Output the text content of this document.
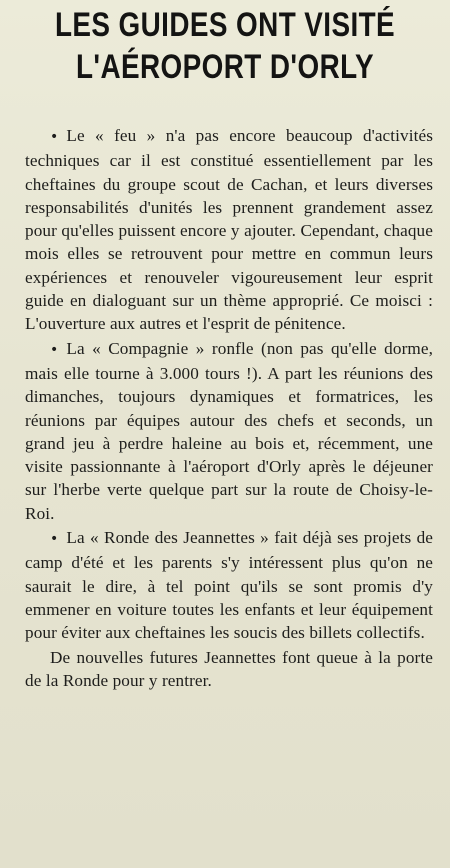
LES GUIDES ONT VISITÉ
L'AÉROPORT D'ORLY

• Le « feu » n'a pas encore beaucoup d'activités techniques car il est constitué essentiellement par les cheftaines du groupe scout de Cachan, et leurs diverses responsabilités d'unités les prennent grandement assez pour qu'elles puissent encore y ajouter. Cependant, chaque mois elles se retrouvent pour mettre en commun leurs expériences et renouveler vigoureusement leur esprit guide en dialoguant sur un thème approprié. Ce moisci : L'ouverture aux autres et l'esprit de pénitence.

• La « Compagnie » ronfle (non pas qu'elle dorme, mais elle tourne à 3.000 tours !). A part les réunions des dimanches, toujours dynamiques et formatrices, les réunions par équipes autour des chefs et seconds, un grand jeu à perdre haleine au bois et, récemment, une visite passionnante à l'aéroport d'Orly après le déjeuner sur l'herbe verte quelque part sur la route de Choisy-le-Roi.

• La « Ronde des Jeannettes » fait déjà ses projets de camp d'été et les parents s'y intéressent plus qu'on ne saurait le dire, à tel point qu'ils se sont promis d'y emmener en voiture toutes les enfants et leur équipement pour éviter aux cheftaines les soucis des billets collectifs.

De nouvelles futures Jeannettes font queue à la porte de la Ronde pour y rentrer.
